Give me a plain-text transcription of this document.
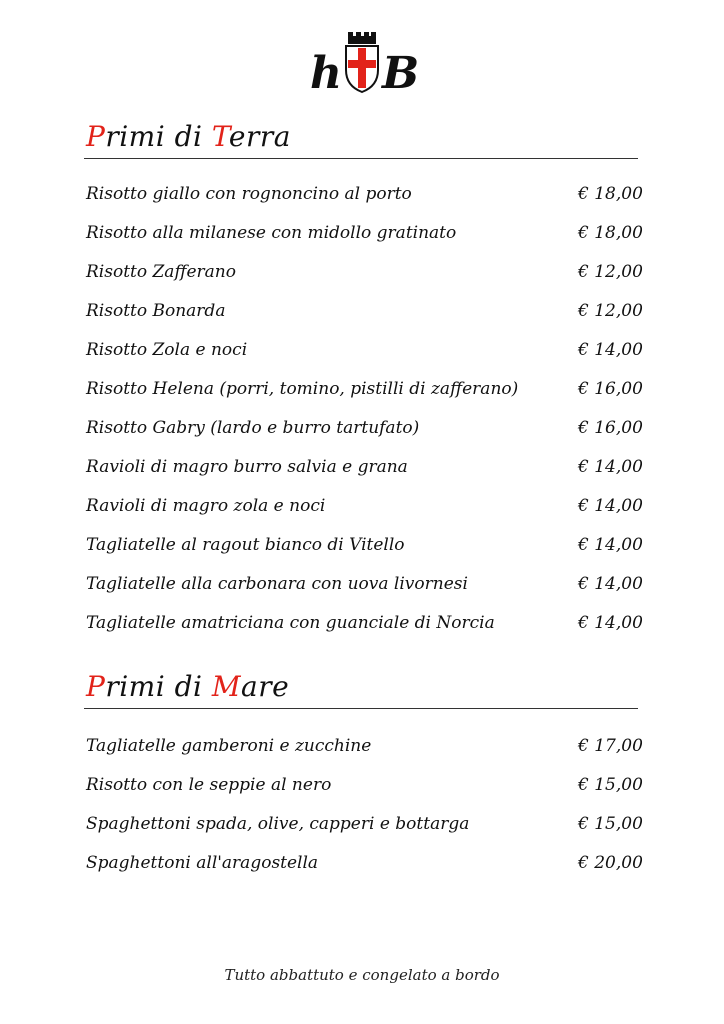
h B
Primi di Terra
Risotto giallo con rognoncino al porto	€ 18,00
Risotto alla milanese con midollo gratinato	€ 18,00
Risotto Zafferano	€ 12,00
Risotto Bonarda	€ 12,00
Risotto Zola e noci	€ 14,00
Risotto Helena (porri, tomino, pistilli di zafferano)	€ 16,00
Risotto Gabry (lardo e burro tartufato)	€ 16,00
Ravioli di magro burro salvia e grana	€ 14,00
Ravioli di magro zola e noci	€ 14,00
Tagliatelle al ragout bianco di Vitello	€ 14,00
Tagliatelle alla carbonara con uova livornesi	€ 14,00
Tagliatelle amatriciana con guanciale di Norcia	€ 14,00
Primi di Mare
Tagliatelle gamberoni e zucchine	€ 17,00
Risotto con le seppie al nero	€ 15,00
Spaghettoni spada, olive, capperi e bottarga	€ 15,00
Spaghettoni all'aragostella	€ 20,00
Tutto abbattuto e congelato a bordo
